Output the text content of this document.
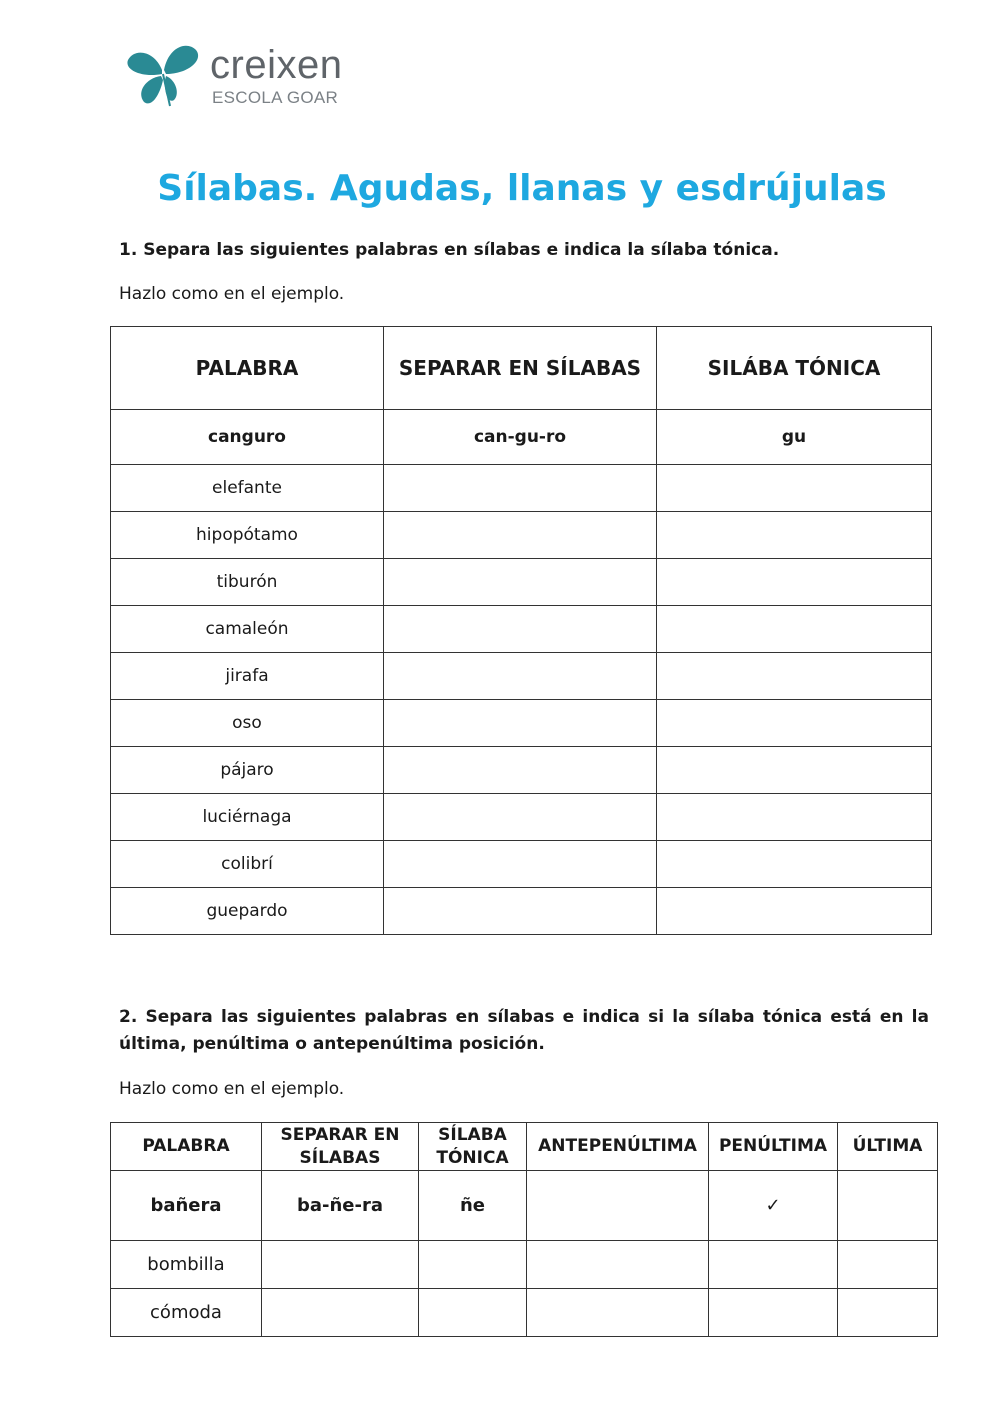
creixen
ESCOLA GOAR
Sílabas. Agudas, llanas y esdrújulas
1. Separa las siguientes palabras en sílabas e indica la sílaba tónica.
Hazlo como en el ejemplo.
PALABRA	SEPARAR EN SÍLABAS	SILÁBA TÓNICA
canguro	can-gu-ro	gu
elefante		
hipopótamo		
tiburón		
camaleón		
jirafa		
oso		
pájaro		
luciérnaga		
colibrí		
guepardo		
2. Separa las siguientes palabras en sílabas e indica si la sílaba tónica está en la última, penúltima o antepenúltima posición.
Hazlo como en el ejemplo.
PALABRA	SEPARAR EN SÍLABAS	SÍLABA TÓNICA	ANTEPENÚLTIMA	PENÚLTIMA	ÚLTIMA
bañera	ba-ñe-ra	ñe		✓	
bombilla					
cómoda					
